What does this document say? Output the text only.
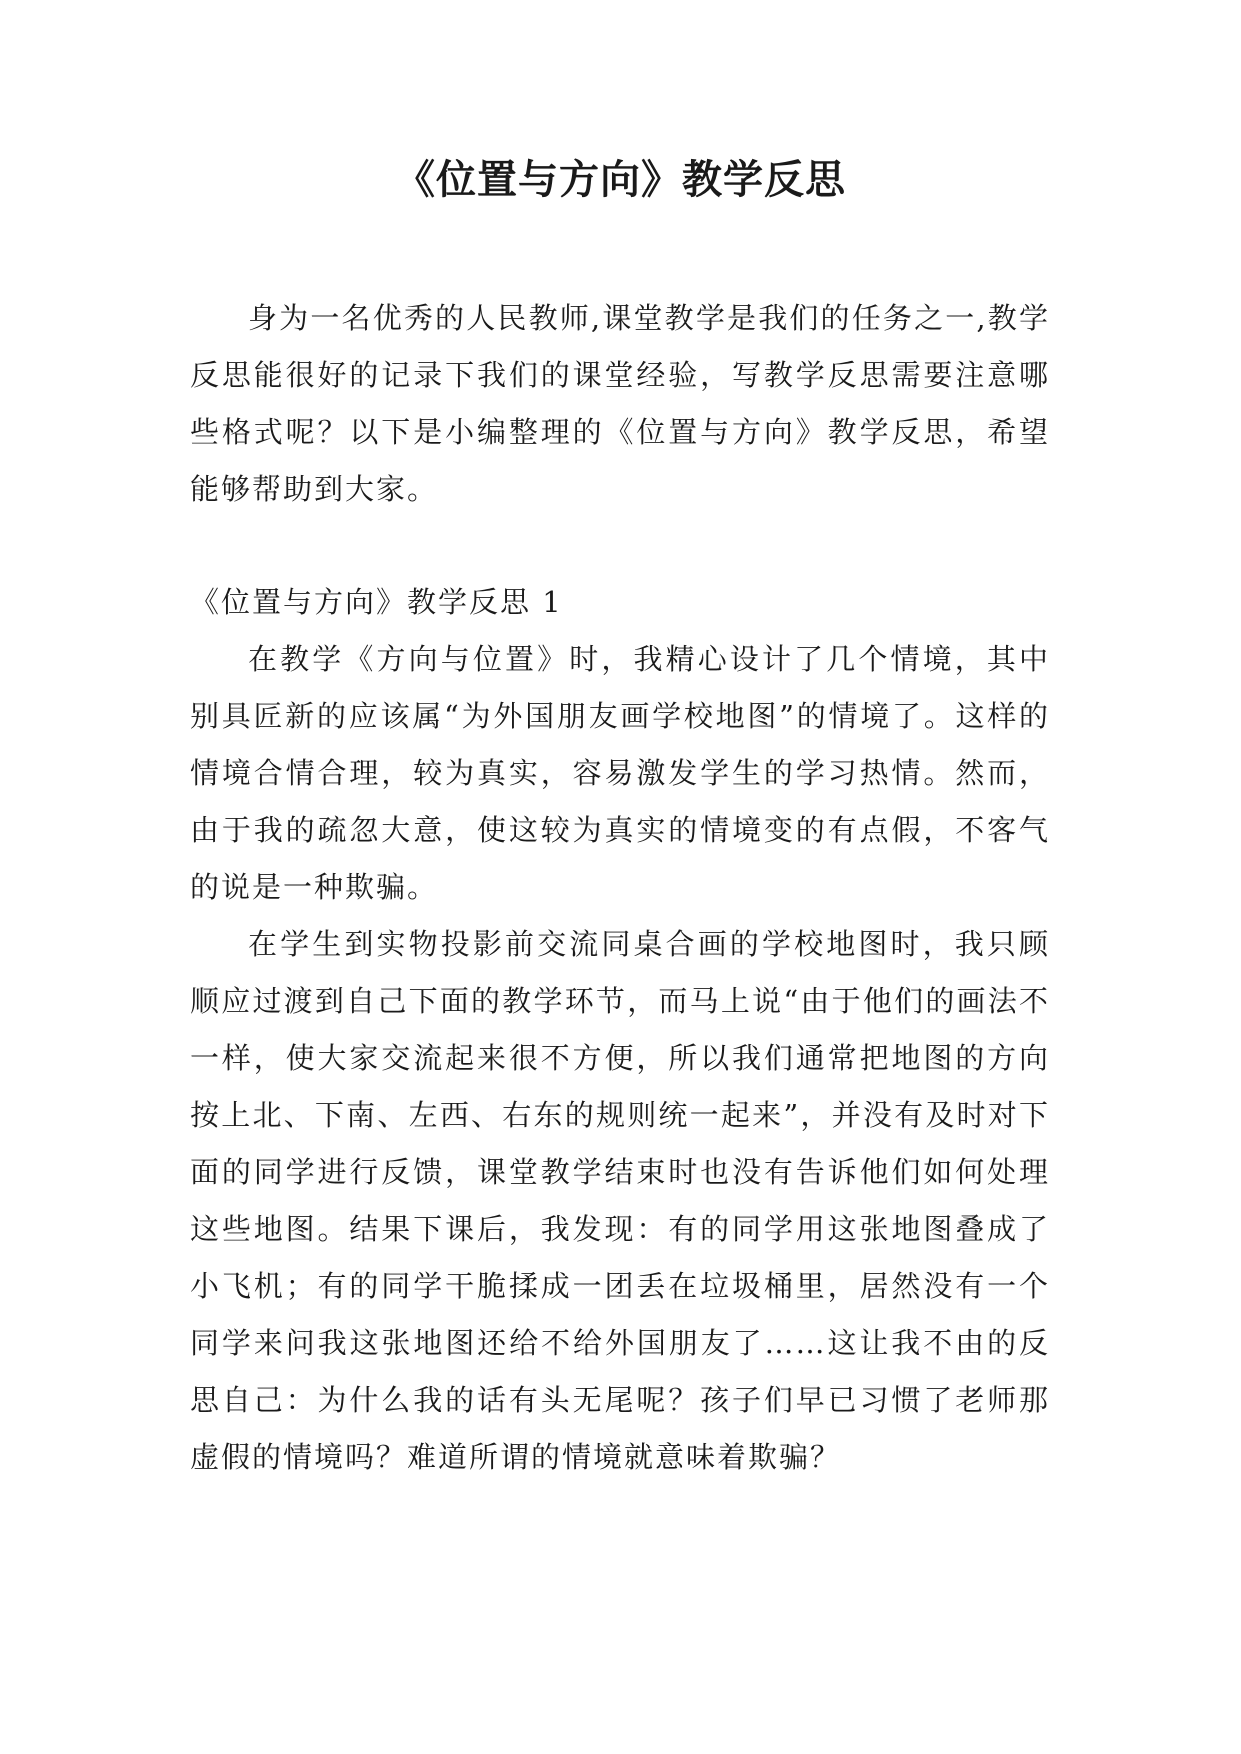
《位置与方向》教学反思

身为一名优秀的人民教师,课堂教学是我们的任务之一,教学反思能很好的记录下我们的课堂经验，写教学反思需要注意哪些格式呢？以下是小编整理的《位置与方向》教学反思，希望能够帮助到大家。

《位置与方向》教学反思 1

在教学《方向与位置》时，我精心设计了几个情境，其中别具匠新的应该属“为外国朋友画学校地图”的情境了。这样的情境合情合理，较为真实，容易激发学生的学习热情。然而，由于我的疏忽大意，使这较为真实的情境变的有点假，不客气的说是一种欺骗。

在学生到实物投影前交流同桌合画的学校地图时，我只顾顺应过渡到自己下面的教学环节，而马上说“由于他们的画法不一样，使大家交流起来很不方便，所以我们通常把地图的方向按上北、下南、左西、右东的规则统一起来”，并没有及时对下面的同学进行反馈，课堂教学结束时也没有告诉他们如何处理这些地图。结果下课后，我发现：有的同学用这张地图叠成了小飞机；有的同学干脆揉成一团丢在垃圾桶里，居然没有一个同学来问我这张地图还给不给外国朋友了……这让我不由的反思自己：为什么我的话有头无尾呢？孩子们早已习惯了老师那虚假的情境吗？难道所谓的情境就意味着欺骗？
